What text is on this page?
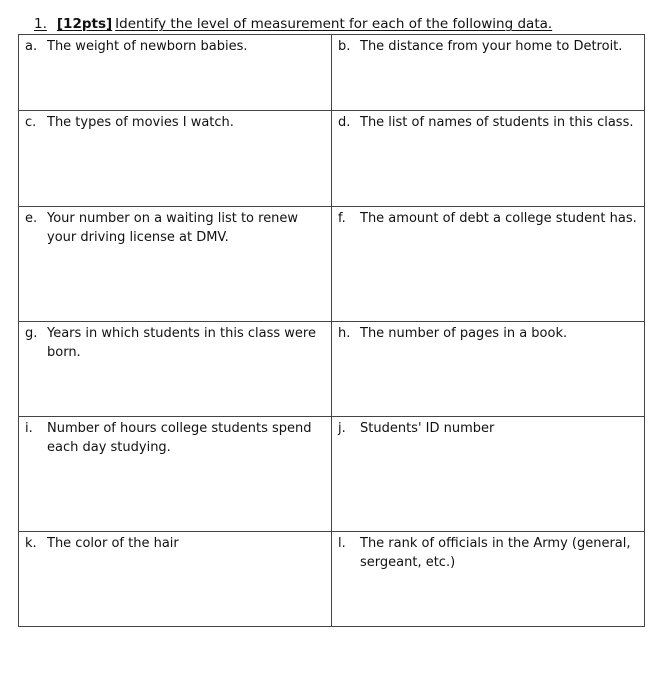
1. [12pts] Identify the level of measurement for each of the following data.
a. The weight of newborn babies.	b. The distance from your home to Detroit.

c. The types of movies I watch.	d. The list of names of students in this class.

e. Your number on a waiting list to renew your driving license at DMV.	f. The amount of debt a college student has.

g. Years in which students in this class were born.	h. The number of pages in a book.

i. Number of hours college students spend each day studying.	j. Students' ID number

k. The color of the hair	l. The rank of officials in the Army (general, sergeant, etc.)
